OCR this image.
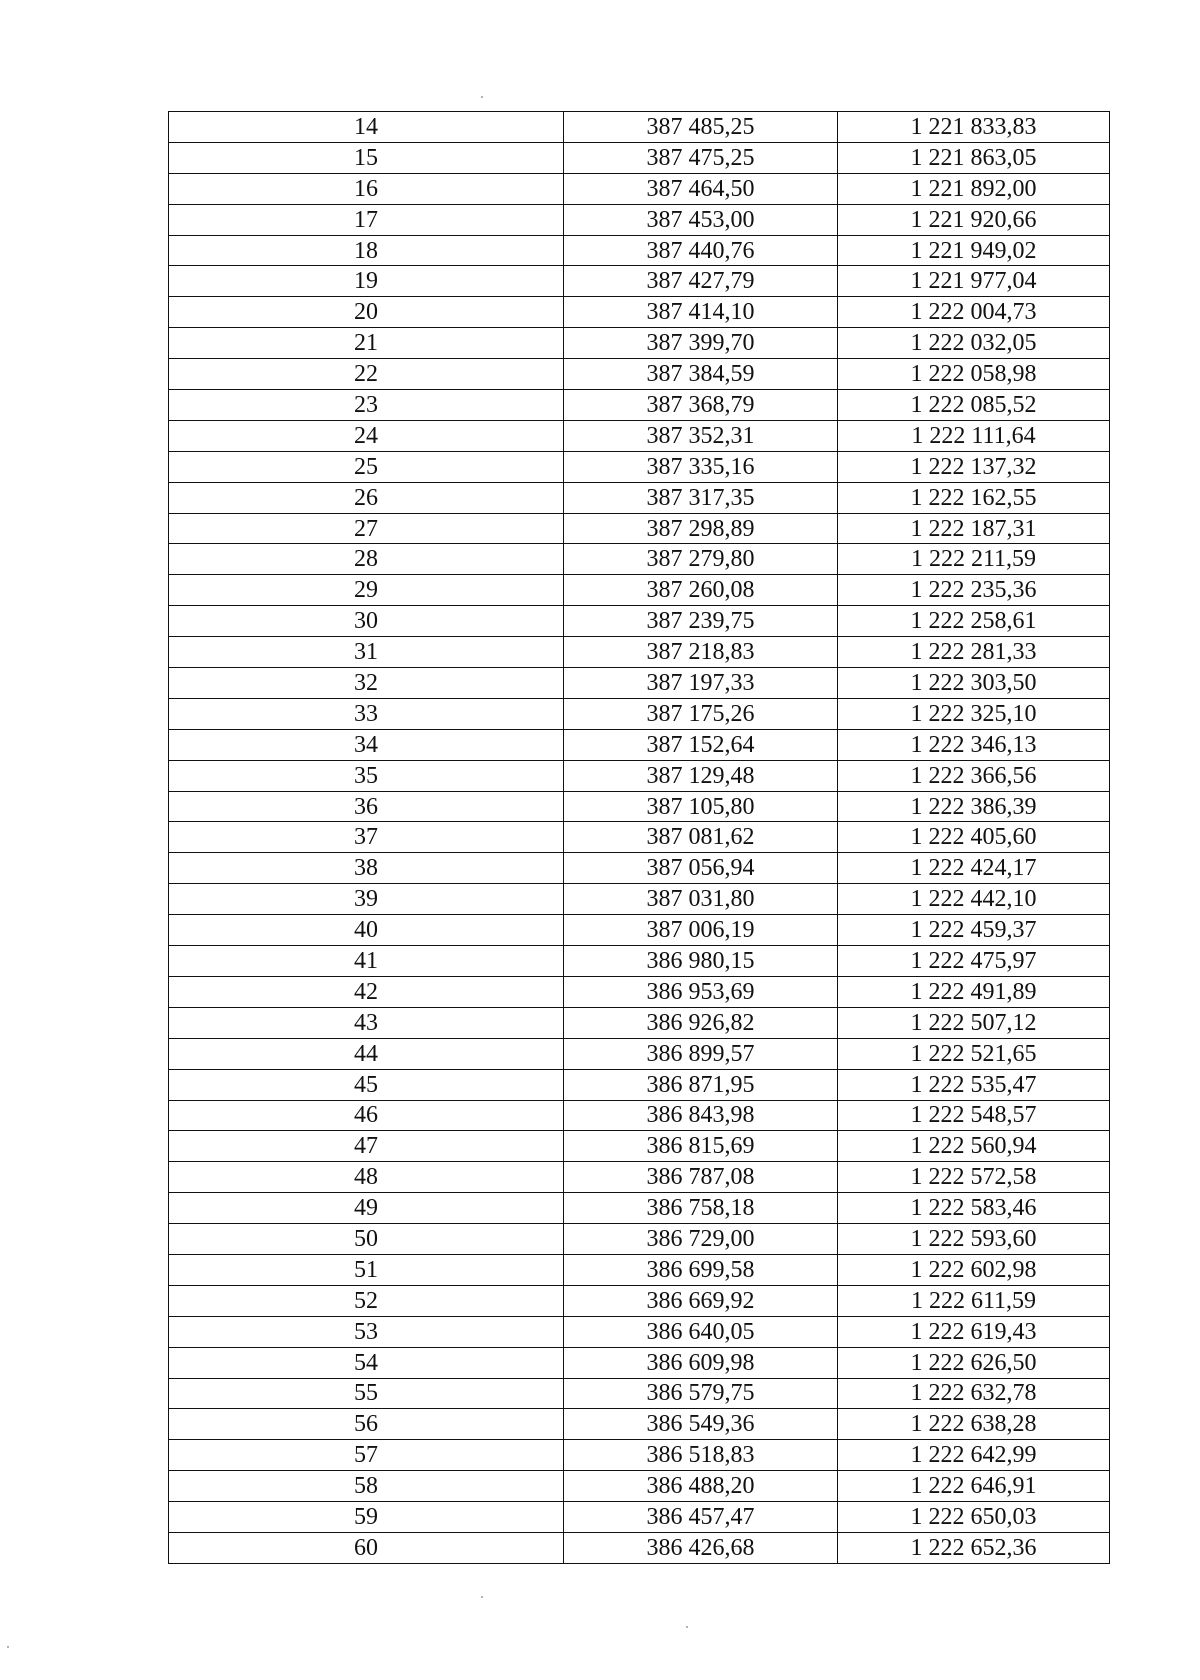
14	387 485,25	1 221 833,83
15	387 475,25	1 221 863,05
16	387 464,50	1 221 892,00
17	387 453,00	1 221 920,66
18	387 440,76	1 221 949,02
19	387 427,79	1 221 977,04
20	387 414,10	1 222 004,73
21	387 399,70	1 222 032,05
22	387 384,59	1 222 058,98
23	387 368,79	1 222 085,52
24	387 352,31	1 222 111,64
25	387 335,16	1 222 137,32
26	387 317,35	1 222 162,55
27	387 298,89	1 222 187,31
28	387 279,80	1 222 211,59
29	387 260,08	1 222 235,36
30	387 239,75	1 222 258,61
31	387 218,83	1 222 281,33
32	387 197,33	1 222 303,50
33	387 175,26	1 222 325,10
34	387 152,64	1 222 346,13
35	387 129,48	1 222 366,56
36	387 105,80	1 222 386,39
37	387 081,62	1 222 405,60
38	387 056,94	1 222 424,17
39	387 031,80	1 222 442,10
40	387 006,19	1 222 459,37
41	386 980,15	1 222 475,97
42	386 953,69	1 222 491,89
43	386 926,82	1 222 507,12
44	386 899,57	1 222 521,65
45	386 871,95	1 222 535,47
46	386 843,98	1 222 548,57
47	386 815,69	1 222 560,94
48	386 787,08	1 222 572,58
49	386 758,18	1 222 583,46
50	386 729,00	1 222 593,60
51	386 699,58	1 222 602,98
52	386 669,92	1 222 611,59
53	386 640,05	1 222 619,43
54	386 609,98	1 222 626,50
55	386 579,75	1 222 632,78
56	386 549,36	1 222 638,28
57	386 518,83	1 222 642,99
58	386 488,20	1 222 646,91
59	386 457,47	1 222 650,03
60	386 426,68	1 222 652,36
